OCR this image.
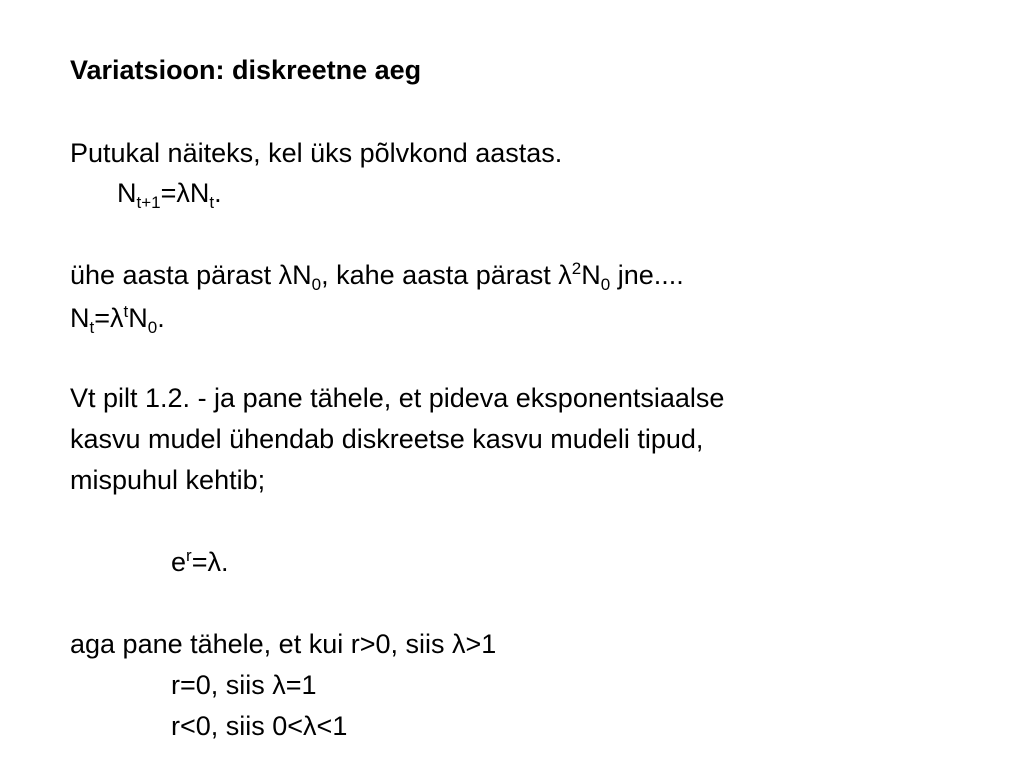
Variatsioon: diskreetne aeg
Putukal näiteks, kel üks põlvkond aastas.
$N_{t+1}=\lambda N_t$.
ühe aasta pärast $\lambda N_0$, kahe aasta pärast $\lambda^2N_0$ jne....
$N_t=\lambda^tN_0$.
Vt pilt 1.2. - ja pane tähele, et pideva eksponentsiaalse
kasvu mudel ühendab diskreetse kasvu mudeli tipud,
mispuhul kehtib;
$e^r=\lambda$.
aga pane tähele, et kui r>0, siis λ>1
r=0, siis λ=1
r<0, siis 0<λ<1
